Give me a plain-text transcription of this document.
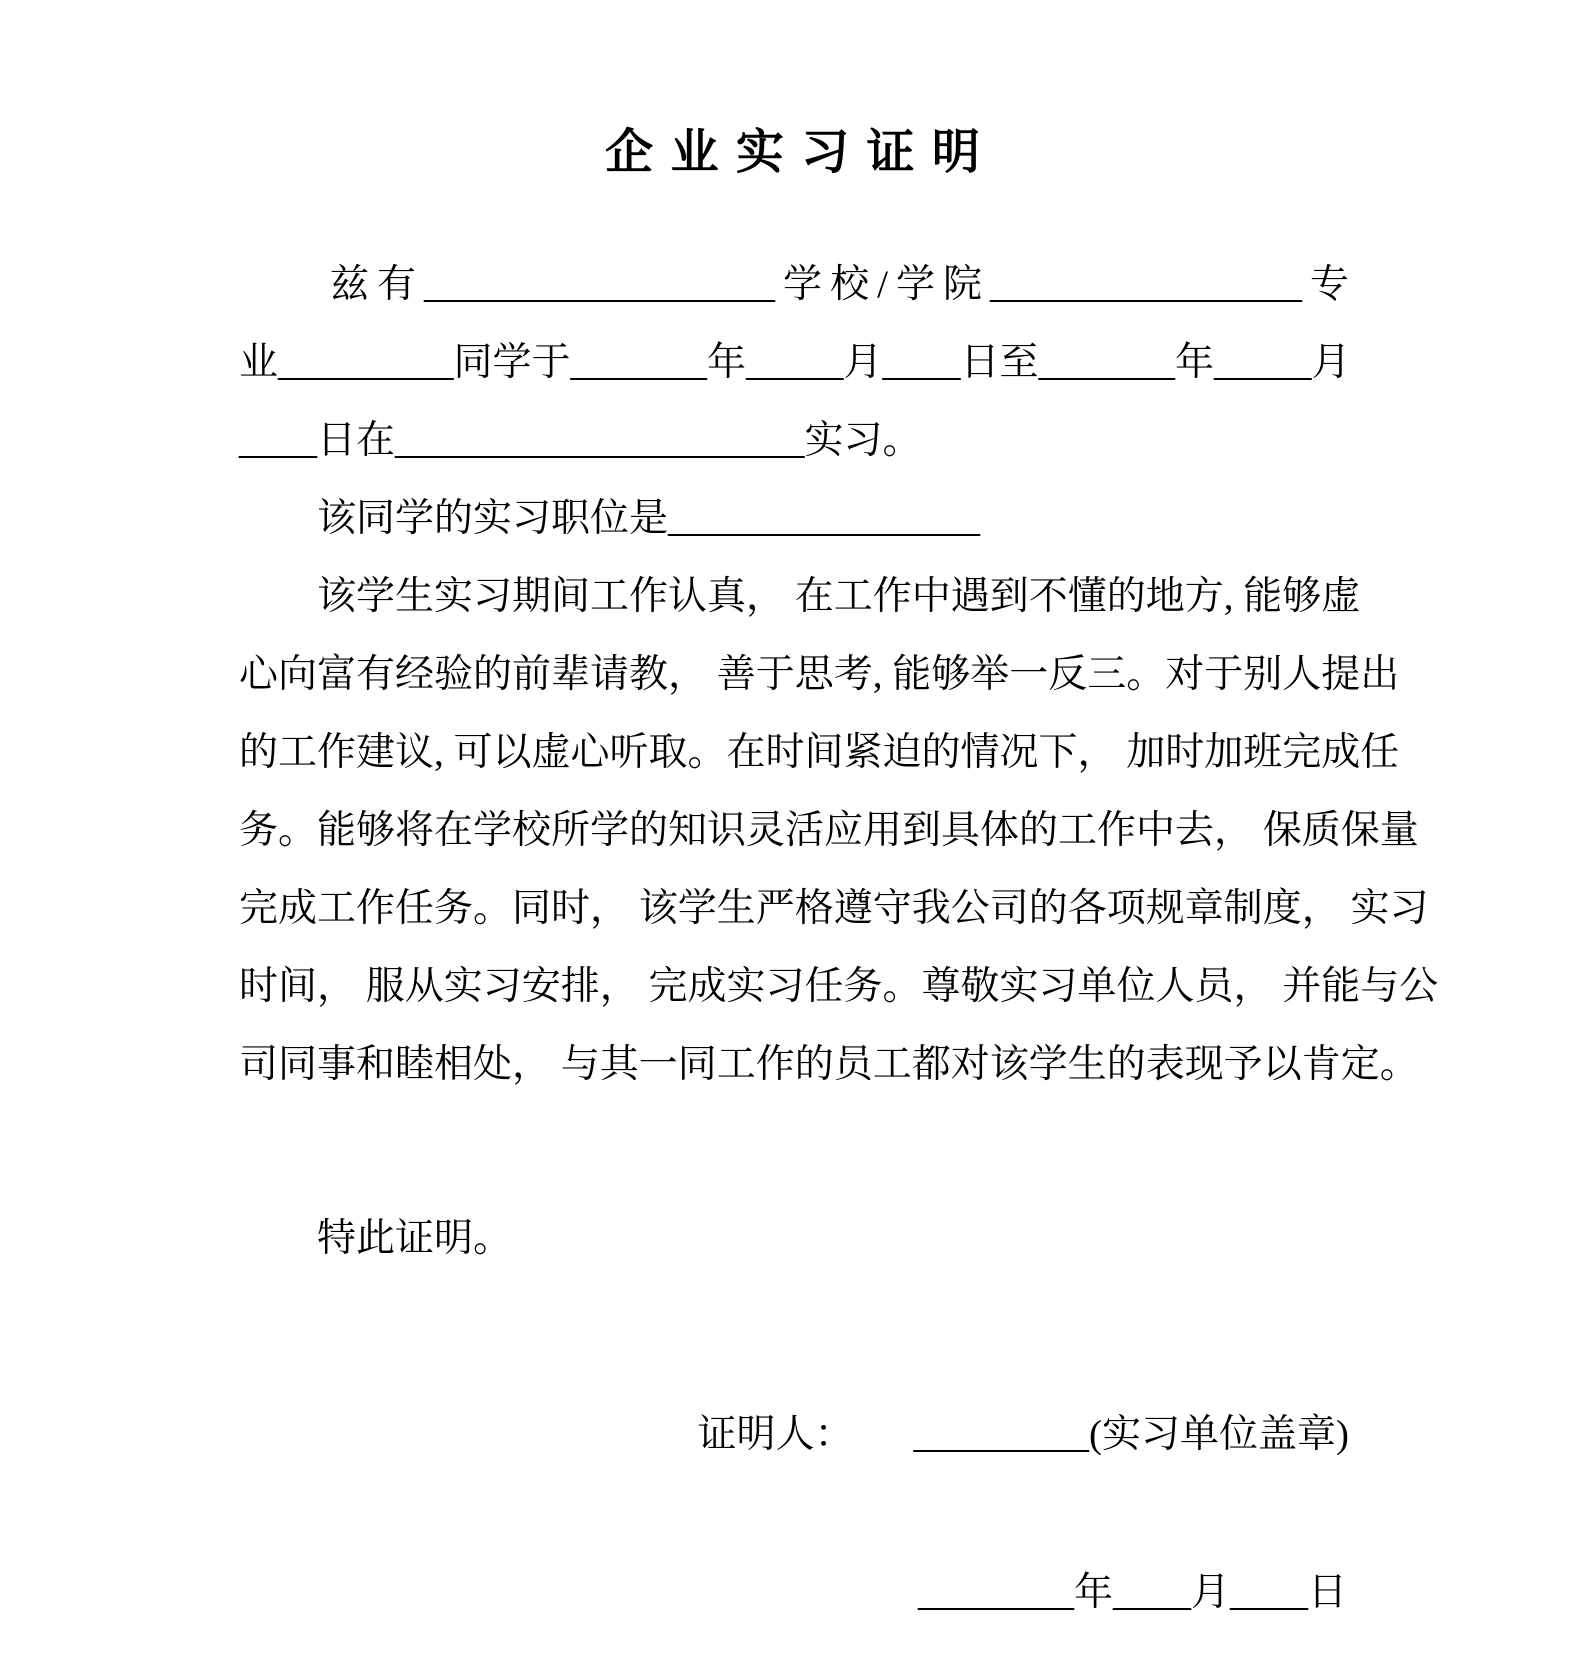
企 业 实 习 证 明
兹有__________________学校/学院________________专
业_________同学于_______年_____月____日至_______年_____月
____日在_____________________实习。
该同学的实习职位是________________
该学生实习期间工作认真， 在工作中遇到不懂的地方, 能够虚
心向富有经验的前辈请教， 善于思考, 能够举一反三。对于别人提出
的工作建议, 可以虚心听取。在时间紧迫的情况下， 加时加班完成任
务。能够将在学校所学的知识灵活应用到具体的工作中去， 保质保量
完成工作任务。同时， 该学生严格遵守我公司的各项规章制度， 实习
时间， 服从实习安排， 完成实习任务。尊敬实习单位人员， 并能与公
司同事和睦相处， 与其一同工作的员工都对该学生的表现予以肯定。
特此证明。
证明人： _________(实习单位盖章)
________年____月____日
